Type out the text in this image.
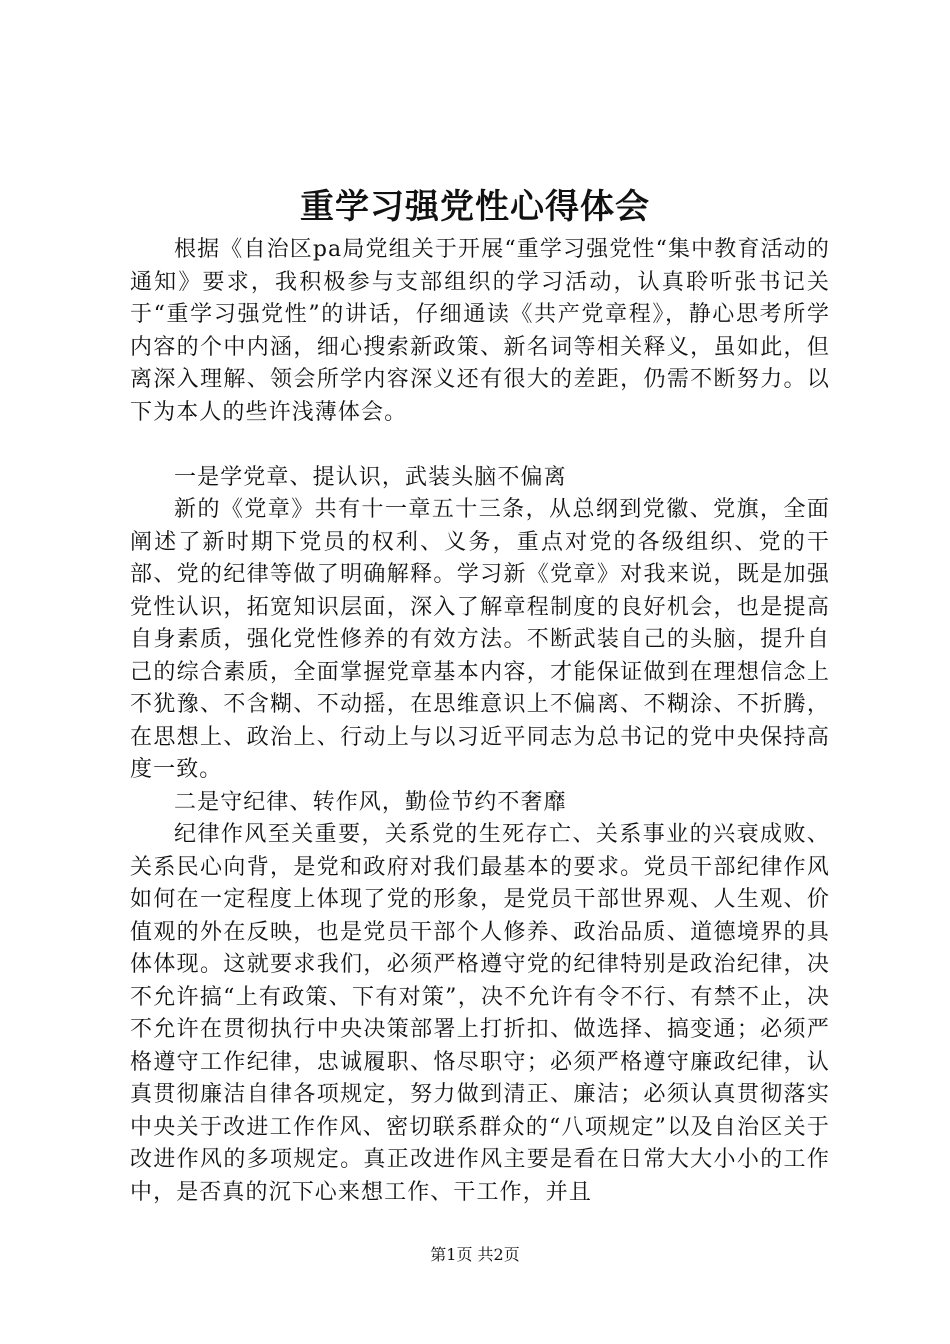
重学习强党性心得体会

根据《自治区pa局党组关于开展“重学习强党性“集中教育活动的通知》要求，我积极参与支部组织的学习活动，认真聆听张书记关于“重学习强党性”的讲话，仔细通读《共产党章程》，静心思考所学内容的个中内涵，细心搜索新政策、新名词等相关释义，虽如此，但离深入理解、领会所学内容深义还有很大的差距，仍需不断努力。以下为本人的些许浅薄体会。

一是学党章、提认识，武装头脑不偏离

新的《党章》共有十一章五十三条，从总纲到党徽、党旗，全面阐述了新时期下党员的权利、义务，重点对党的各级组织、党的干部、党的纪律等做了明确解释。学习新《党章》对我来说，既是加强党性认识，拓宽知识层面，深入了解章程制度的良好机会，也是提高自身素质，强化党性修养的有效方法。不断武装自己的头脑，提升自己的综合素质，全面掌握党章基本内容，才能保证做到在理想信念上不犹豫、不含糊、不动摇，在思维意识上不偏离、不糊涂、不折腾，在思想上、政治上、行动上与以习近平同志为总书记的党中央保持高度一致。

二是守纪律、转作风，勤俭节约不奢靡

纪律作风至关重要，关系党的生死存亡、关系事业的兴衰成败、关系民心向背，是党和政府对我们最基本的要求。党员干部纪律作风如何在一定程度上体现了党的形象，是党员干部世界观、人生观、价值观的外在反映，也是党员干部个人修养、政治品质、道德境界的具体体现。这就要求我们，必须严格遵守党的纪律特别是政治纪律，决不允许搞“上有政策、下有对策”，决不允许有令不行、有禁不止，决不允许在贯彻执行中央决策部署上打折扣、做选择、搞变通；必须严格遵守工作纪律，忠诚履职、恪尽职守；必须严格遵守廉政纪律，认真贯彻廉洁自律各项规定，努力做到清正、廉洁；必须认真贯彻落实中央关于改进工作作风、密切联系群众的“八项规定”以及自治区关于改进作风的多项规定。真正改进作风主要是看在日常大大小小的工作中，是否真的沉下心来想工作、干工作，并且

第1页 共2页
